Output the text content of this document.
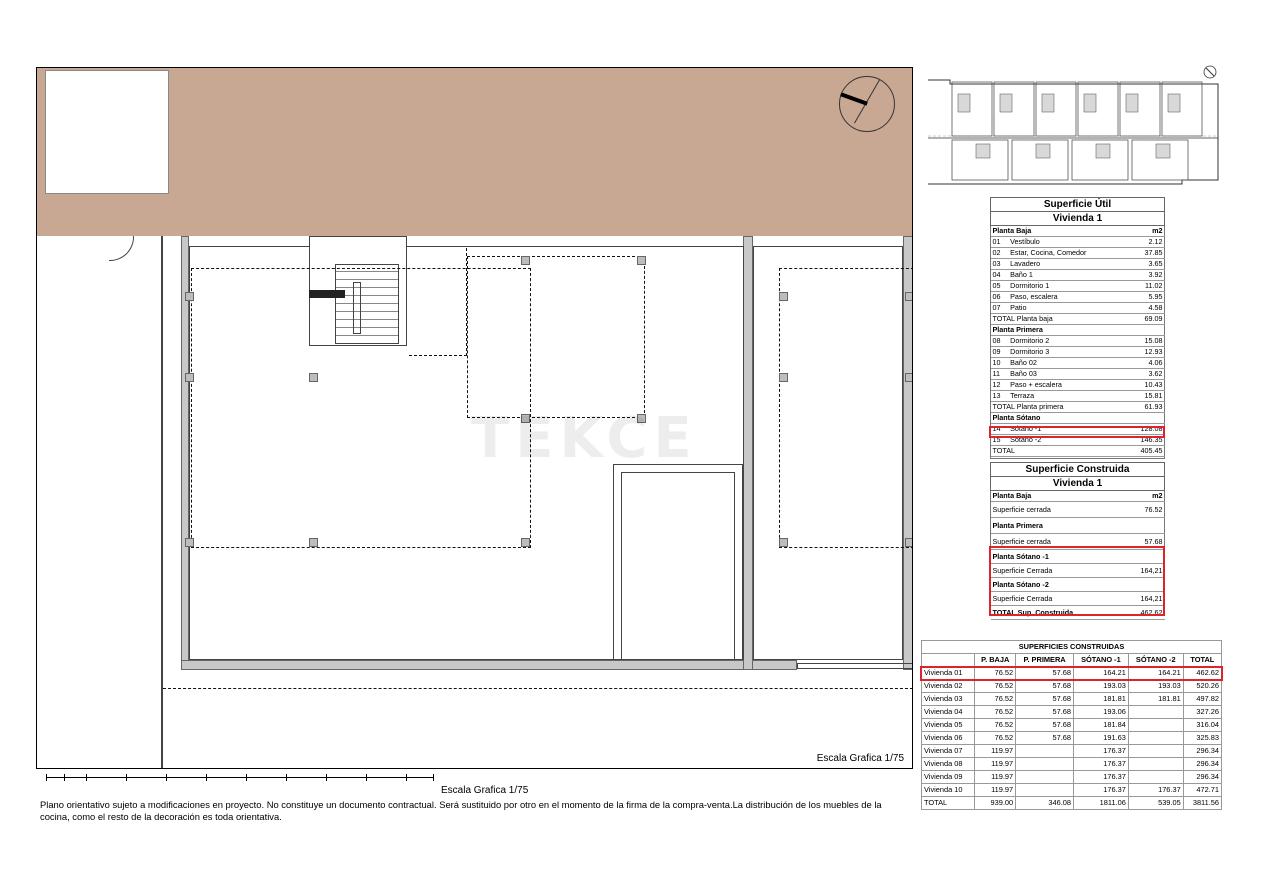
TEKCE
Escala Grafica 1/75
Superficie Útil		
Vivienda 1		
Planta Baja		m2
01	Vestíbulo	2.12
02	Estar, Cocina, Comedor	37.85
03	Lavadero	3.65
04	Baño 1	3.92
05	Dormitorio 1	11.02
06	Paso, escalera	5.95
07	Patio	4.58
TOTAL Planta baja		69.09
Planta Primera		
08	Dormitorio 2	15.08
09	Dormitorio 3	12.93
10	Baño 02	4.06
11	Baño 03	3.62
12	Paso + escalera	10.43
13	Terraza	15.81
TOTAL Planta primera		61.93
Planta Sótano		
14	Sótano -1	128.08
15	Sótano -2	146.35
TOTAL		405.45
Superficie Construida	
Vivienda 1	
Planta Baja	m2
Superficie cerrada	76.52
Planta Primera	
Superficie cerrada	57.68
Planta Sótano -1	
Superficie Cerrada	164,21
Planta Sótano -2	
Superficie Cerrada	164,21
TOTAL Sup. Construida	462.62
SUPERFICIES CONSTRUIDAS					
	P. BAJA	P. PRIMERA	SÓTANO -1	SÓTANO -2	TOTAL
Vivienda 01	76.52	57.68	164.21	164.21	462.62
Vivienda 02	76.52	57.68	193.03	193.03	520.26
Vivienda 03	76.52	57.68	181.81	181.81	497.82
Vivienda 04	76.52	57.68	193.06		327.26
Vivienda 05	76.52	57.68	181.84		316.04
Vivienda 06	76.52	57.68	191.63		325.83
Vivienda 07	119.97		176.37		296.34
Vivienda 08	119.97		176.37		296.34
Vivienda 09	119.97		176.37		296.34
Vivienda 10	119.97		176.37	176.37	472.71
TOTAL	939.00	346.08	1811.06	539.05	3811.56
Escala Grafica 1/75
Plano orientativo sujeto a modificaciones en proyecto. No constituye un documento contractual. Será sustituido por otro en el momento de la firma de la compra-venta.La distribución de los muebles de la cocina, como el resto de la decoración es toda orientativa.
